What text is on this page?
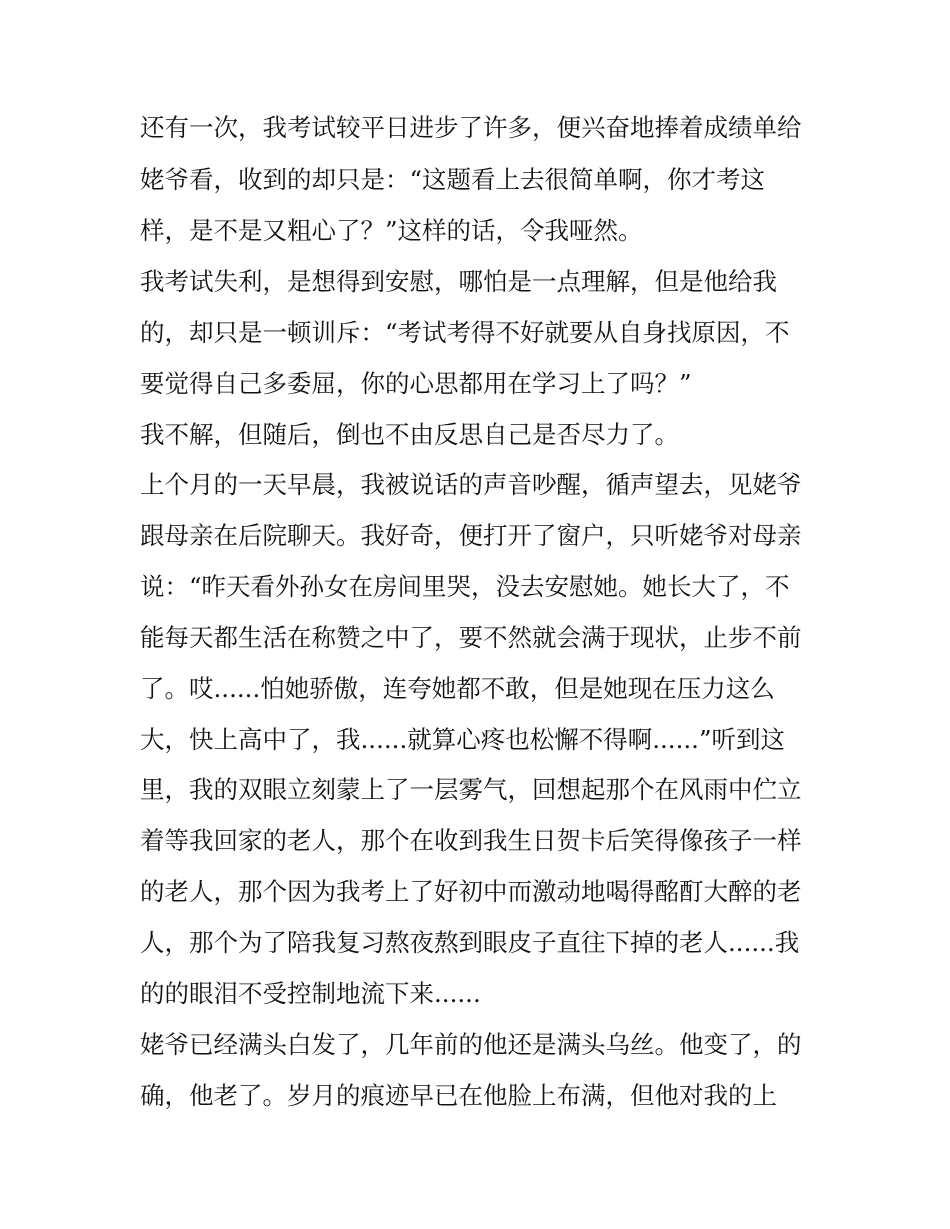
还有一次，我考试较平日进步了许多，便兴奋地捧着成绩单给

姥爷看，收到的却只是：“这题看上去很简单啊，你才考这

样，是不是又粗心了？”这样的话，令我哑然。

我考试失利，是想得到安慰，哪怕是一点理解，但是他给我

的，却只是一顿训斥：“考试考得不好就要从自身找原因，不

要觉得自己多委屈，你的心思都用在学习上了吗？”

我不解，但随后，倒也不由反思自己是否尽力了。

上个月的一天早晨，我被说话的声音吵醒，循声望去，见姥爷

跟母亲在后院聊天。我好奇，便打开了窗户，只听姥爷对母亲

说：“昨天看外孙女在房间里哭，没去安慰她。她长大了，不

能每天都生活在称赞之中了，要不然就会满于现状，止步不前

了。哎......怕她骄傲，连夸她都不敢，但是她现在压力这么

大，快上高中了，我......就算心疼也松懈不得啊......”听到这

里，我的双眼立刻蒙上了一层雾气，回想起那个在风雨中伫立

着等我回家的老人，那个在收到我生日贺卡后笑得像孩子一样

的老人，那个因为我考上了好初中而激动地喝得酩酊大醉的老

人，那个为了陪我复习熬夜熬到眼皮子直往下掉的老人......我

的的眼泪不受控制地流下来......

姥爷已经满头白发了，几年前的他还是满头乌丝。他变了，的

确，他老了。岁月的痕迹早已在他脸上布满，但他对我的上
